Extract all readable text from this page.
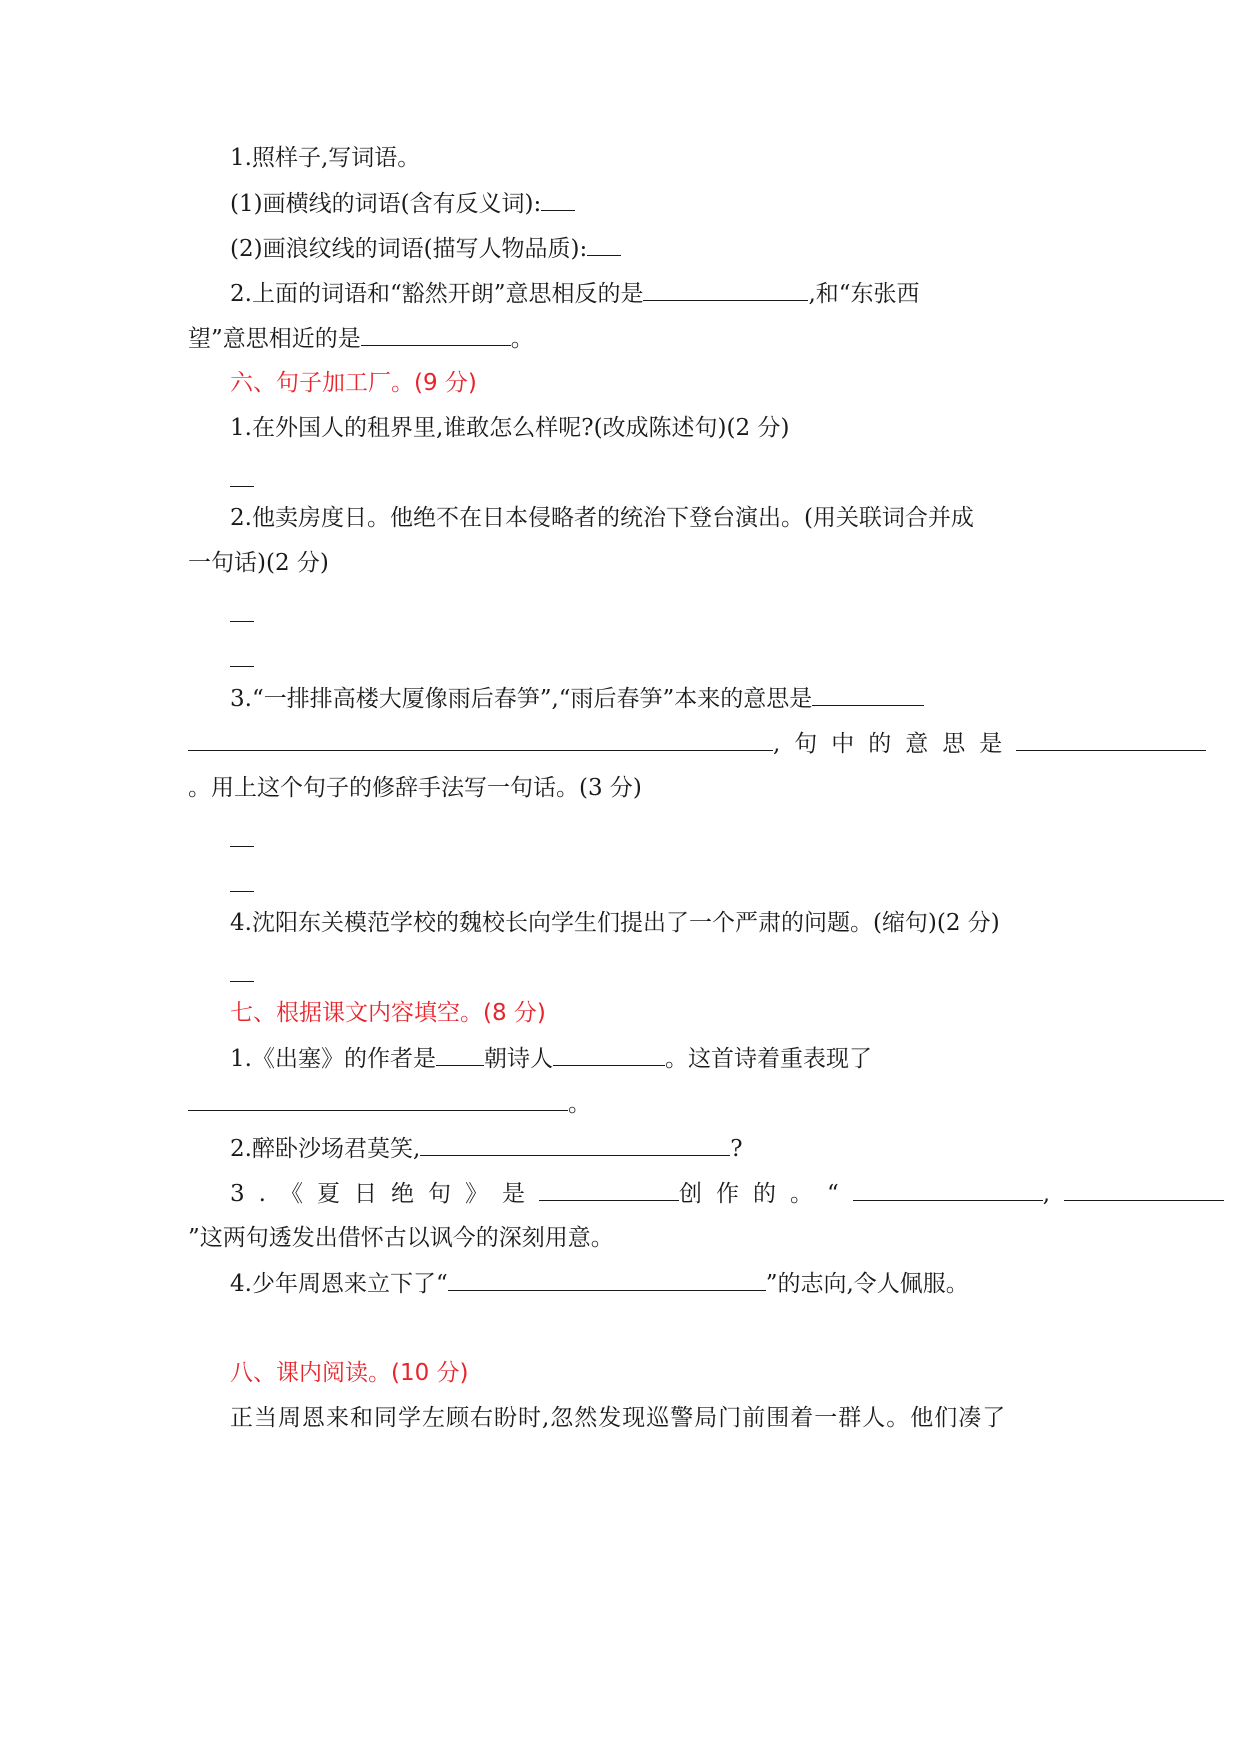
1.照样子,写词语。
(1)画横线的词语(含有反义词):
(2)画浪纹线的词语(描写人物品质):
2.上面的词语和“豁然开朗”意思相反的是	,和“东张西
望”意思相近的是	。
六、句子加工厂。(9 分)
1.在外国人的租界里,谁敢怎么样呢?(改成陈述句)(2 分)
2.他卖房度日。他绝不在日本侵略者的统治下登台演出。(用关联词合并成
一句话)(2 分)
3.“一排排高楼大厦像雨后春笋”,“雨后春笋”本来的意思是
,句中的意思是
。用上这个句子的修辞手法写一句话。(3 分)
4.沈阳东关模范学校的魏校长向学生们提出了一个严肃的问题。(缩句)(2 分)
七、根据课文内容填空。(8 分)
1.《出塞》的作者是 朝诗人	。这首诗着重表现了
。
2.醉卧沙场君莫笑,	?
3.《夏日绝句》是	创作的。“	,
”这两句透发出借怀古以讽今的深刻用意。
4.少年周恩来立下了“	”的志向,令人佩服。
八、课内阅读。(10 分)
正当周恩来和同学左顾右盼时,忽然发现巡警局门前围着一群人。他们凑了
